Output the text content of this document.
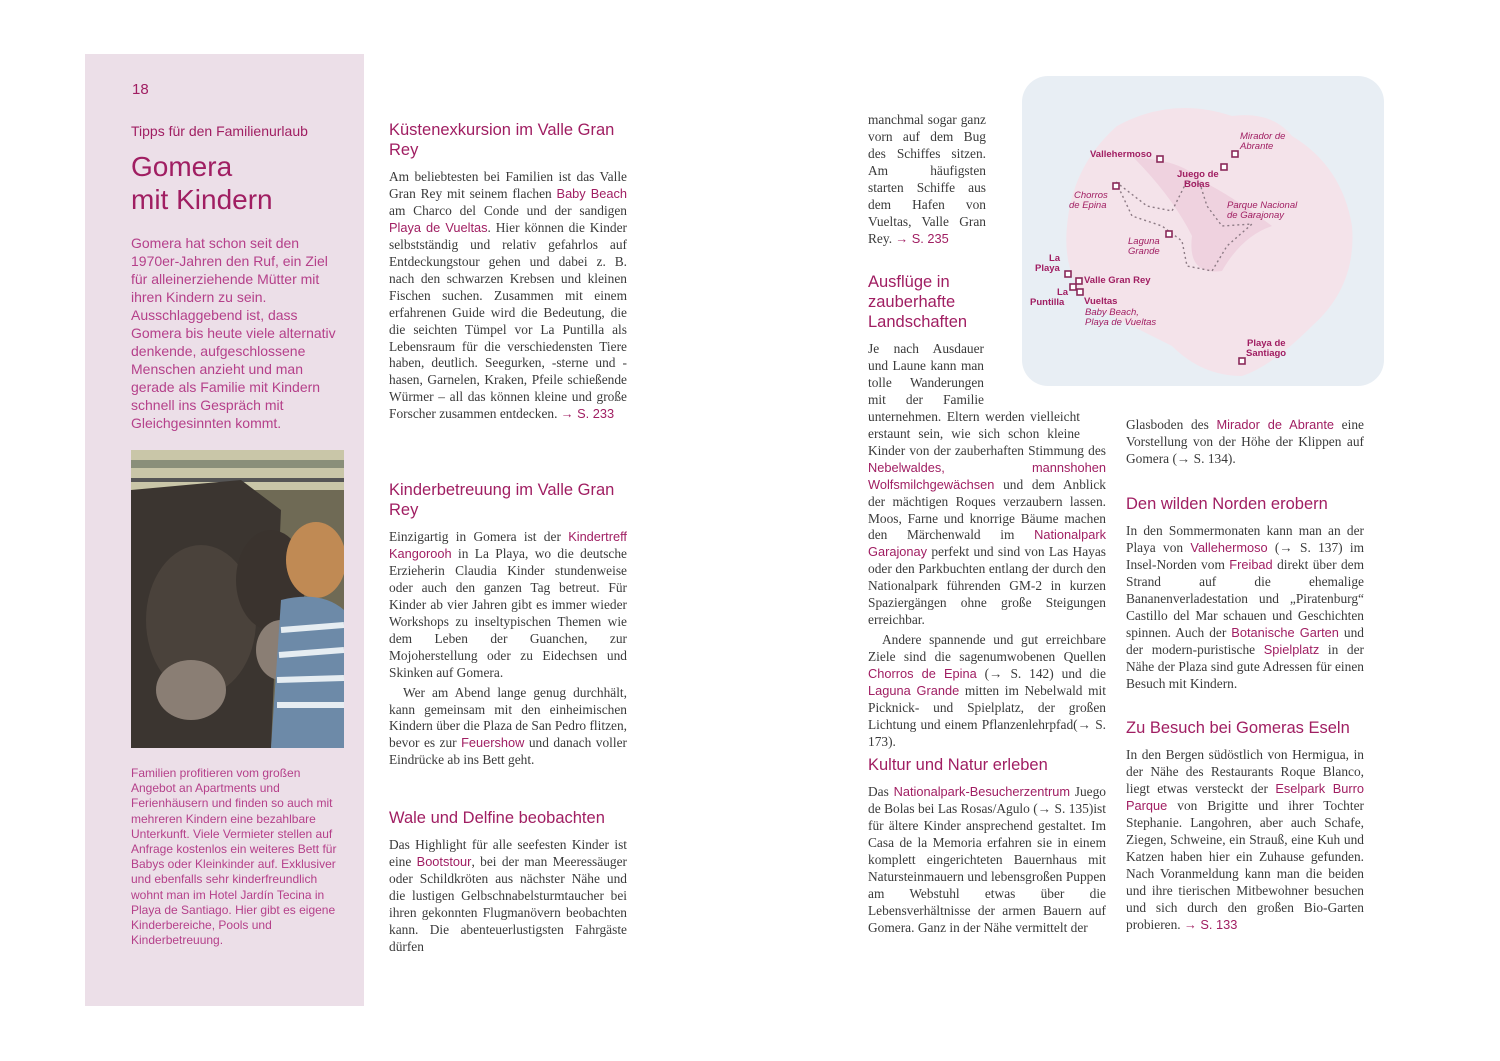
18
Tipps für den Familienurlaub
Gomera
mit Kindern
Gomera hat schon seit den 1970er-Jahren den Ruf, ein Ziel für alleinerziehende Mütter mit ihren Kindern zu sein. Ausschlaggebend ist, dass Gomera bis heute viele alternativ denkende, aufgeschlossene Menschen anzieht und man gerade als Familie mit Kindern schnell ins Gespräch mit Gleichgesinnten kommt.
Familien profitieren vom großen Angebot an Apartments und Ferienhäusern und finden so auch mit mehreren Kindern eine bezahlbare Unterkunft. Viele Vermieter stellen auf Anfrage kostenlos ein weiteres Bett für Babys oder Kleinkinder auf. Exklusiver und ebenfalls sehr kinderfreundlich wohnt man im Hotel Jardín Tecina in Playa de Santiago. Hier gibt es eigene Kinderbereiche, Pools und Kinderbetreuung.
Küstenexkursion im Valle Gran Rey

Am beliebtesten bei Familien ist das Valle Gran Rey mit seinem flachen Baby Beach am Charco del Conde und der sandigen Playa de Vueltas. Hier können die Kinder selbstständig und relativ gefahrlos auf Entdeckungstour gehen und dabei z. B. nach den schwarzen Krebsen und kleinen Fischen suchen. Zusammen mit einem erfahrenen Guide wird die Bedeutung, die die seichten Tümpel vor La Puntilla als Lebensraum für die verschiedensten Tiere haben, deutlich. Seegurken, -sterne und -hasen, Garnelen, Kraken, Pfeile schießende Würmer – all das können kleine und große Forscher zusammen entdecken. → S. 233

Kinderbetreuung im Valle Gran Rey

Einzigartig in Gomera ist der Kindertreff Kangorooh in La Playa, wo die deutsche Erzieherin Claudia Kinder stundenweise oder auch den ganzen Tag betreut. Für Kinder ab vier Jahren gibt es immer wieder Workshops zu inseltypischen Themen wie dem Leben der Guanchen, zur Mojoherstellung oder zu Eidechsen und Skinken auf Gomera.

Wer am Abend lange genug durchhält, kann gemeinsam mit den einheimischen Kindern über die Plaza de San Pedro flitzen, bevor es zur Feuershow und danach voller Eindrücke ab ins Bett geht.

Wale und Delfine beobachten

Das Highlight für alle seefesten Kinder ist eine Bootstour, bei der man Meeressäuger oder Schildkröten aus nächster Nähe und die lustigen Gelbschnabelsturmtaucher bei ihren gekonnten Flugmanövern beobachten kann. Die abenteuerlustigsten Fahrgäste dürfen

manchmal sogar ganz vorn auf dem Bug des Schiffes sitzen. Am häufigsten starten Schiffe aus dem Hafen von Vueltas, Valle Gran Rey. → S. 235

Ausflüge in zauberhafte Landschaften

Je nach Ausdauer und Laune kann man tolle Wanderungen mit der Familie unternehmen. Eltern werden vielleicht erstaunt sein, wie sich schon kleine Kinder von der zauberhaften Stimmung des Nebelwaldes, mannshohen Wolfsmilchgewächsen und dem Anblick der mächtigen Roques verzaubern lassen. Moos, Farne und knorrige Bäume machen den Märchenwald im Nationalpark Garajonay perfekt und sind von Las Hayas oder den Parkbuchten entlang der durch den Nationalpark führenden GM-2 in kurzen Spaziergängen ohne große Steigungen erreichbar.

Andere spannende und gut erreichbare Ziele sind die sagenumwobenen Quellen Chorros de Epina (→ S. 142) und die Laguna Grande mitten im Nebelwald mit Picknick- und Spielplatz, der großen Lichtung und einem Pflanzenlehrpfad(→ S. 173).

Kultur und Natur erleben

Das Nationalpark-Besucherzentrum Juego de Bolas bei Las Rosas/Agulo (→ S. 135)ist für ältere Kinder ansprechend gestaltet. Im Casa de la Memoria erfahren sie in einem komplett eingerichteten Bauernhaus mit Natursteinmauern und lebensgroßen Puppen am Webstuhl etwas über die Lebensverhältnisse der armen Bauern auf Gomera. Ganz in der Nähe vermittelt der

Glasboden des Mirador de Abrante eine Vorstellung von der Höhe der Klippen auf Gomera (→ S. 134).

Den wilden Norden erobern

In den Sommermonaten kann man an der Playa von Vallehermoso (→ S. 137) im Insel-Norden vom Freibad direkt über dem Strand auf die ehemalige Bananenverladestation und „Piratenburg“ Castillo del Mar schauen und Geschichten spinnen. Auch der Botanische Garten und der modern-puristische Spielplatz in der Nähe der Plaza sind gute Adressen für einen Besuch mit Kindern.

Zu Besuch bei Gomeras Eseln

In den Bergen südöstlich von Hermigua, in der Nähe des Restaurants Roque Blanco, liegt etwas versteckt der Eselpark Burro Parque von Brigitte und ihrer Tochter Stephanie. Langohren, aber auch Schafe, Ziegen, Schweine, ein Strauß, eine Kuh und Katzen haben hier ein Zuhause gefunden. Nach Voranmeldung kann man die beiden und ihre tierischen Mitbewohner besuchen und sich durch den großen Bio-Garten probieren. → S. 133

Vallehermoso
Mirador de
Abrante
Juego de
Bolas
Chorros
de Epina	Parque Nacional
de Garajonay
Laguna
Grande
La
Playa
Valle Gran Rey
La
Puntilla Vueltas
Baby Beach,
Playa de Vueltas
Playa de
Santiago
